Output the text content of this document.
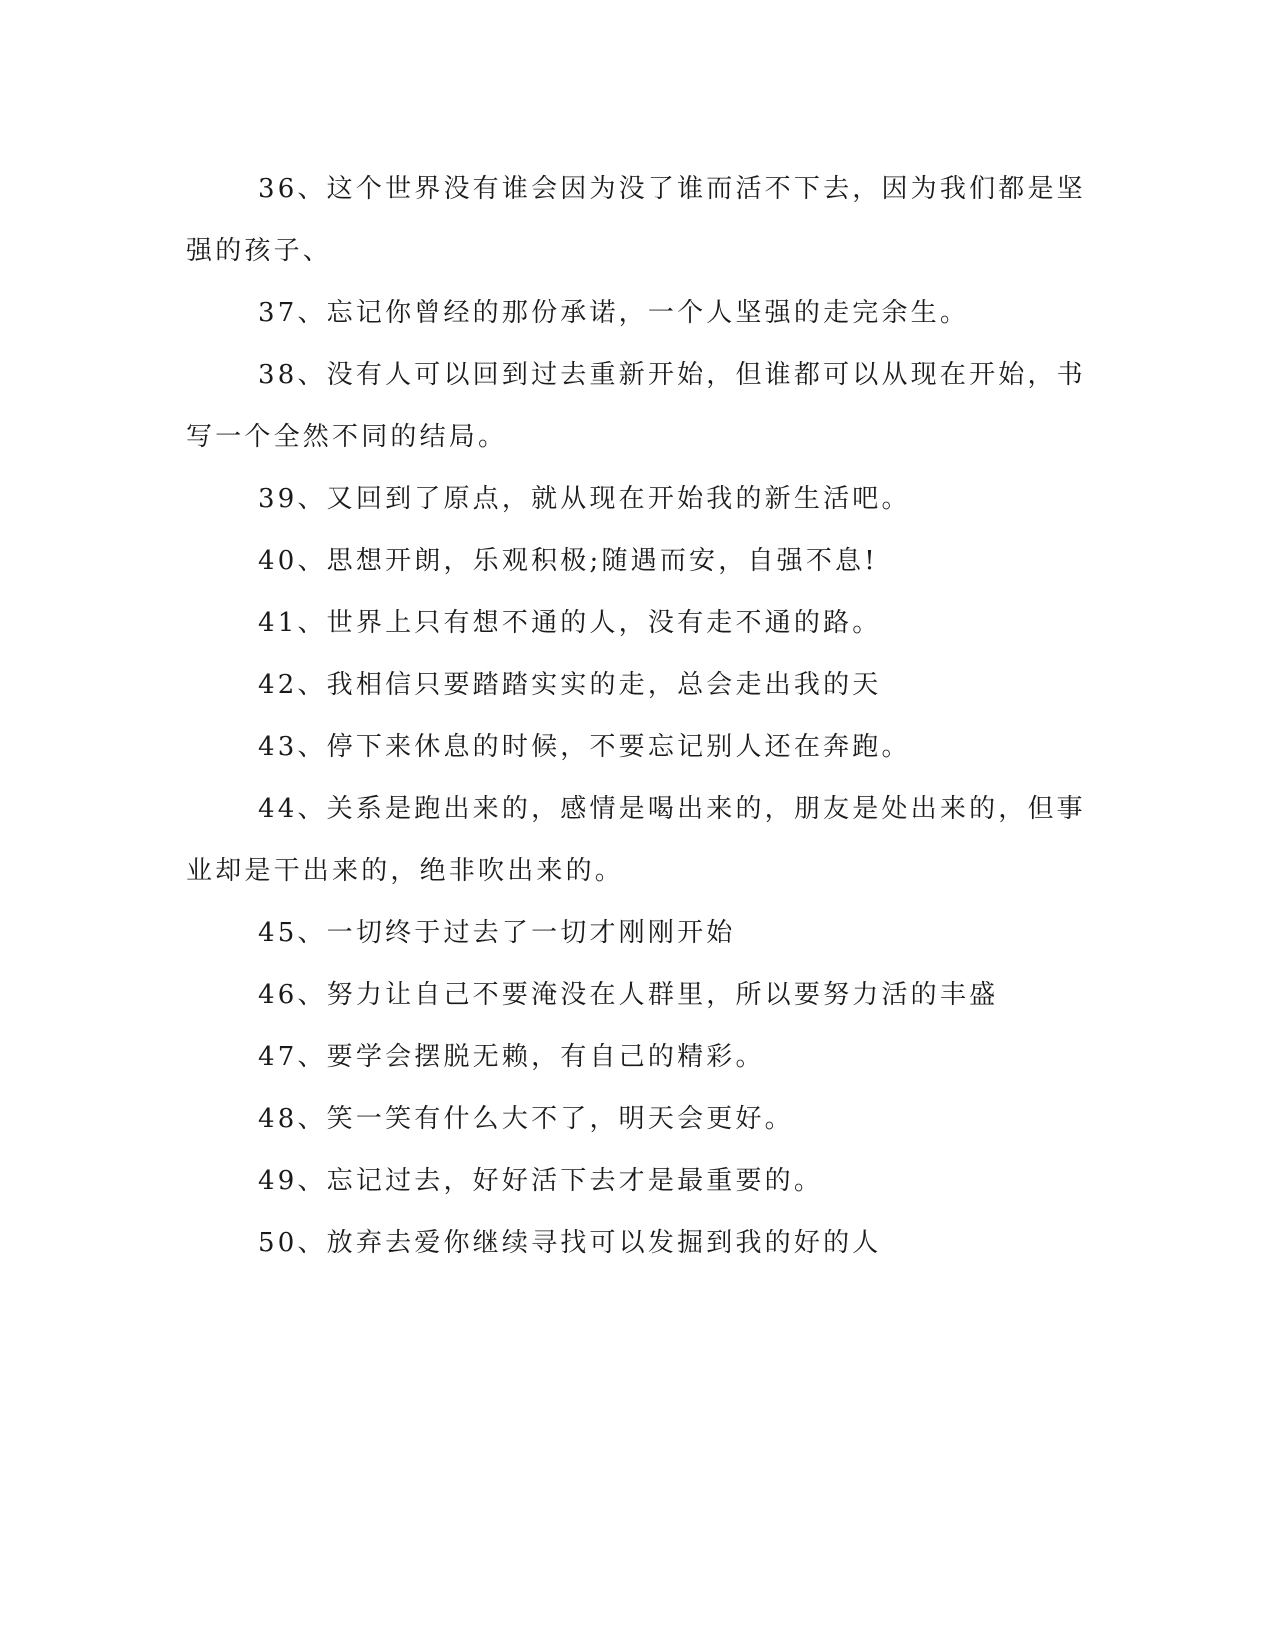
36、这个世界没有谁会因为没了谁而活不下去，因为我们都是坚强的孩子、

37、忘记你曾经的那份承诺，一个人坚强的走完余生。

38、没有人可以回到过去重新开始，但谁都可以从现在开始，书写一个全然不同的结局。

39、又回到了原点，就从现在开始我的新生活吧。

40、思想开朗，乐观积极;随遇而安，自强不息!

41、世界上只有想不通的人，没有走不通的路。

42、我相信只要踏踏实实的走，总会走出我的天

43、停下来休息的时候，不要忘记别人还在奔跑。

44、关系是跑出来的，感情是喝出来的，朋友是处出来的，但事业却是干出来的，绝非吹出来的。

45、一切终于过去了一切才刚刚开始

46、努力让自己不要淹没在人群里，所以要努力活的丰盛

47、要学会摆脱无赖，有自己的精彩。

48、笑一笑有什么大不了，明天会更好。

49、忘记过去，好好活下去才是最重要的。

50、放弃去爱你继续寻找可以发掘到我的好的人
